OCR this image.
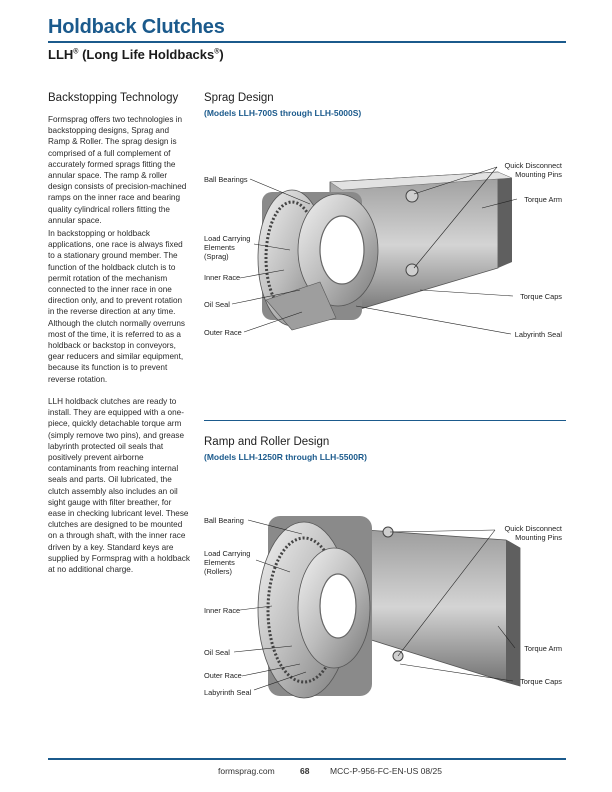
Holdback Clutches
LLH® (Long Life Holdbacks®)
Backstopping Technology

Formsprag offers two technologies in backstopping designs, Sprag and Ramp & Roller. The sprag design is comprised of a full complement of accurately formed sprags fitting the annular space. The ramp & roller design consists of precision-machined ramps on the inner race and bearing quality cylindrical rollers fitting the annular space.

In backstopping or holdback applications, one race is always fixed to a stationary ground member. The function of the holdback clutch is to permit rotation of the mechanism connected to the inner race in one direction only, and to prevent rotation in the reverse direction at any time. Although the clutch normally overruns most of the time, it is referred to as a holdback or backstop in conveyors, gear reducers and similar equipment, because its function is to prevent reverse rotation.

LLH holdback clutches are ready to install. They are equipped with a one-piece, quickly detachable torque arm (simply remove two pins), and grease labyrinth protected oil seals that positively prevent airborne contaminants from reaching internal seals and parts. Oil lubricated, the clutch assembly also includes an oil sight gauge with filter breather, for ease in checking lubricant level. These clutches are designed to be mounted on a through shaft, with the inner race driven by a key. Standard keys are supplied by Formsprag with a holdback at no additional charge.

Sprag Design

(Models LLH-700S through LLH-5000S)

Ball Bearings
Load Carrying
Elements
(Sprag)
Inner Race
Oil Seal
Outer Race
Quick Disconnect
Mounting Pins
Torque Arm
Torque Caps
Labyrinth Seal
Ramp and Roller Design

(Models LLH-1250R through LLH-5500R)

Ball Bearing
Load Carrying
Elements
(Rollers)
Inner Race
Oil Seal
Outer Race
Labyrinth Seal
Quick Disconnect
Mounting Pins
Torque Arm
Torque Caps
formsprag.com	68 MCC-P-956-FC-EN-US 08/25
